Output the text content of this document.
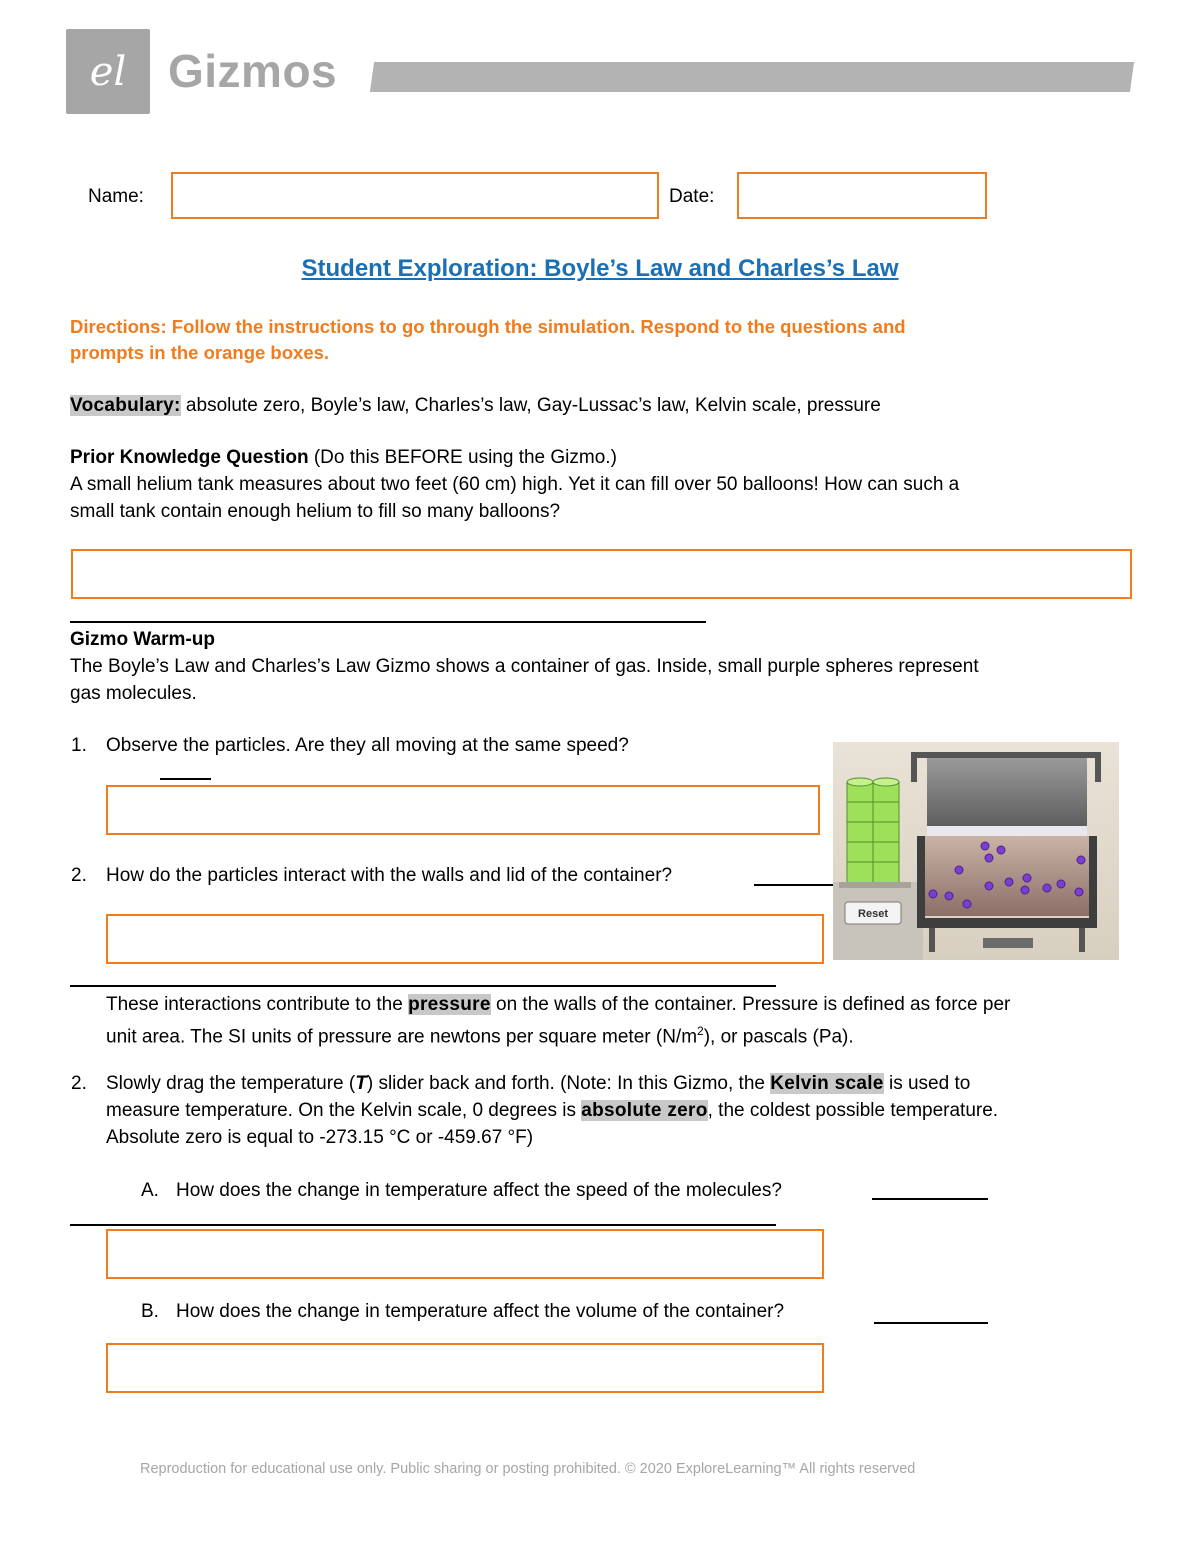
el Gizmos
Name:	Date:
Student Exploration: Boyle’s Law and Charles’s Law
Directions: Follow the instructions to go through the simulation. Respond to the questions and
prompts in the orange boxes.
Vocabulary: absolute zero, Boyle’s law, Charles’s law, Gay-Lussac’s law, Kelvin scale, pressure
Prior Knowledge Question (Do this BEFORE using the Gizmo.)
A small helium tank measures about two feet (60 cm) high. Yet it can fill over 50 balloons! How can such a
small tank contain enough helium to fill so many balloons?
Gizmo Warm-up
The Boyle’s Law and Charles’s Law Gizmo shows a container of gas. Inside, small purple spheres represent
gas molecules.
1. Observe the particles. Are they all moving at the same speed?
Reset
2. How do the particles interact with the walls and lid of the container?
These interactions contribute to the pressure on the walls of the container. Pressure is defined as force per
unit area. The SI units of pressure are newtons per square meter $(N/m^2)$, or pascals (Pa).
2. Slowly drag the temperature (T) slider back and forth. (Note: In this Gizmo, the Kelvin scale is used to
measure temperature. On the Kelvin scale, 0 degrees is absolute zero, the coldest possible temperature.
Absolute zero is equal to -273.15 °C or -459.67 °F)
A. How does the change in temperature affect the speed of the molecules?
B. How does the change in temperature affect the volume of the container?
Reproduction for educational use only. Public sharing or posting prohibited. © 2020 ExploreLearning™ All rights reserved
